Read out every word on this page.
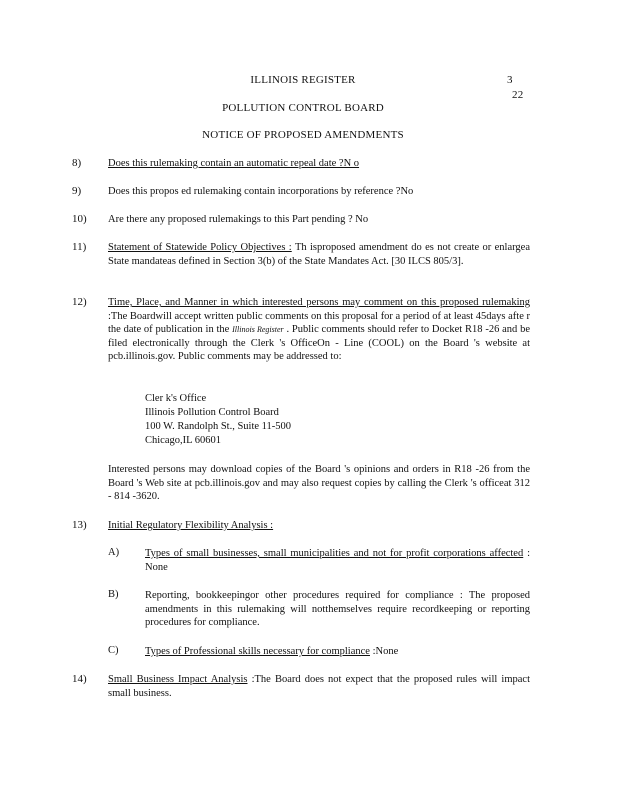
ILLINOIS REGISTER	3
22
POLLUTION CONTROL BOARD
NOTICE OF PROPOSED AMENDMENTS
8)	Does this rulemaking contain an automatic repeal date ?N o
9)	Does this propos ed rulemaking contain incorporations by reference ?No
10) Are there any proposed rulemakings to this Part pending ? No
11) Statement of Statewide Policy Objectives : Th isproposed amendment do es not create or enlargea State mandateas defined in Section 3(b) of the State Mandates Act. [30 ILCS 805/3].
12) Time, Place, and Manner in which interested persons may comment on this proposed rulemaking :The Boardwill accept written public comments on this proposal for a period of at least 45days afte r the date of publication in the Illinois Register . Public comments should refer to Docket R18 -26 and be filed electronically through the Clerk 's OfficeOn - Line (COOL) on the Board 's website at pcb.illinois.gov. Public comments may be addressed to:
Cler k's Office
Illinois Pollution Control Board
100 W. Randolph St., Suite 11-500
Chicago,IL 60601
Interested persons may download copies of the Board 's opinions and orders in R18 -26 from the Board 's Web site at pcb.illinois.gov and may also request copies by calling the Clerk 's officeat 312 - 814 -3620.
13) Initial Regulatory Flexibility Analysis :
A) Types of small businesses, small municipalities and not for profit corporations affected : None
B)	Reporting, bookkeepingor other procedures required for compliance : The proposed amendments in this rulemaking will notthemselves require recordkeeping or reporting procedures for compliance.
C)	Types of Professional skills necessary for compliance :None
14) Small Business Impact Analysis :The Board does not expect that the proposed rules will impact small business.
